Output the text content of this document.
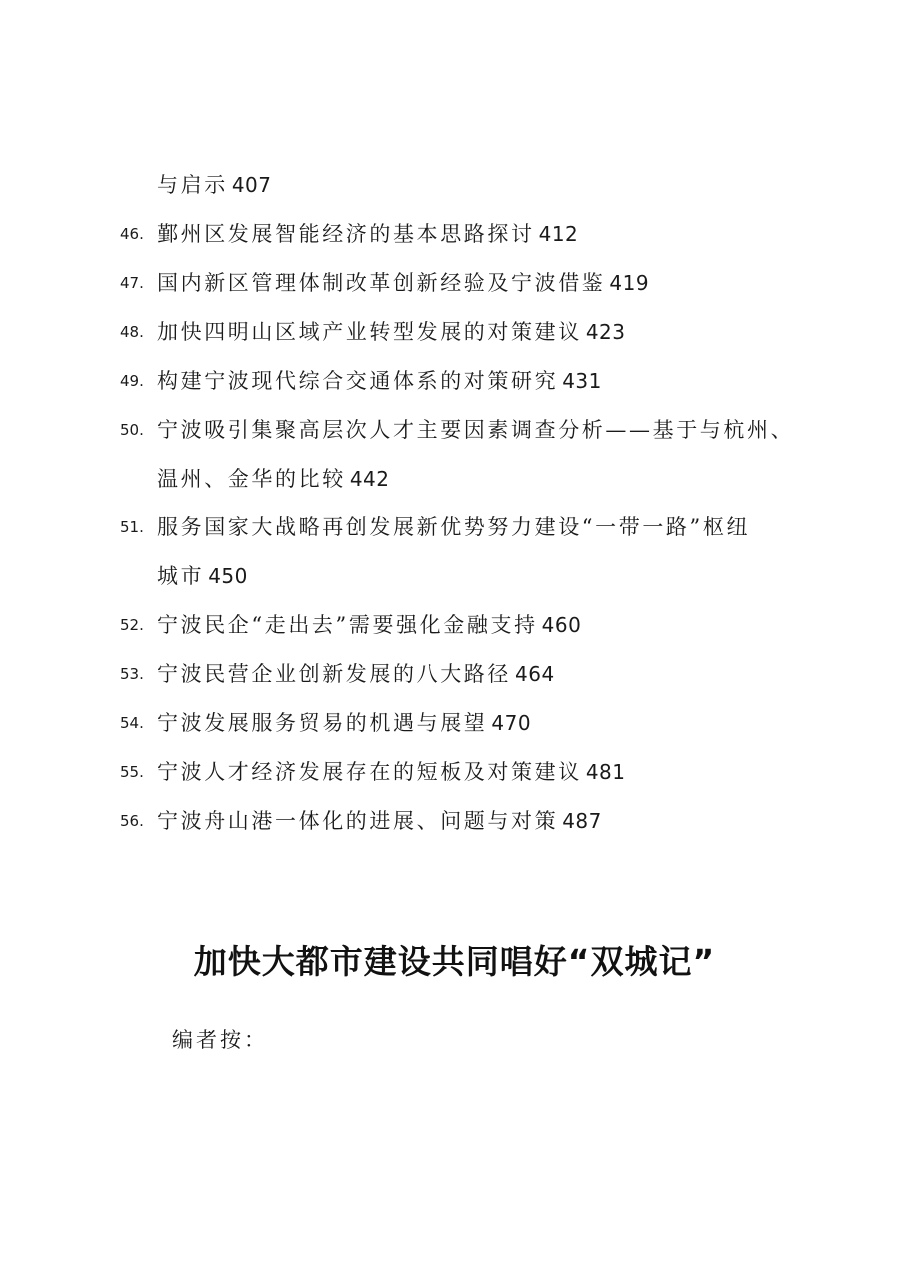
与启示 407
46. 鄞州区发展智能经济的基本思路探讨 412
47. 国内新区管理体制改革创新经验及宁波借鉴 419
48. 加快四明山区域产业转型发展的对策建议 423
49. 构建宁波现代综合交通体系的对策研究 431
50. 宁波吸引集聚高层次人才主要因素调查分析——基于与杭州、
温州、金华的比较 442
51. 服务国家大战略再创发展新优势努力建设“一带一路”枢纽
城市 450
52. 宁波民企“走出去”需要强化金融支持 460
53. 宁波民营企业创新发展的八大路径 464
54. 宁波发展服务贸易的机遇与展望 470
55. 宁波人才经济发展存在的短板及对策建议 481
56. 宁波舟山港一体化的进展、问题与对策 487
加快大都市建设共同唱好“双城记”
编者按：
